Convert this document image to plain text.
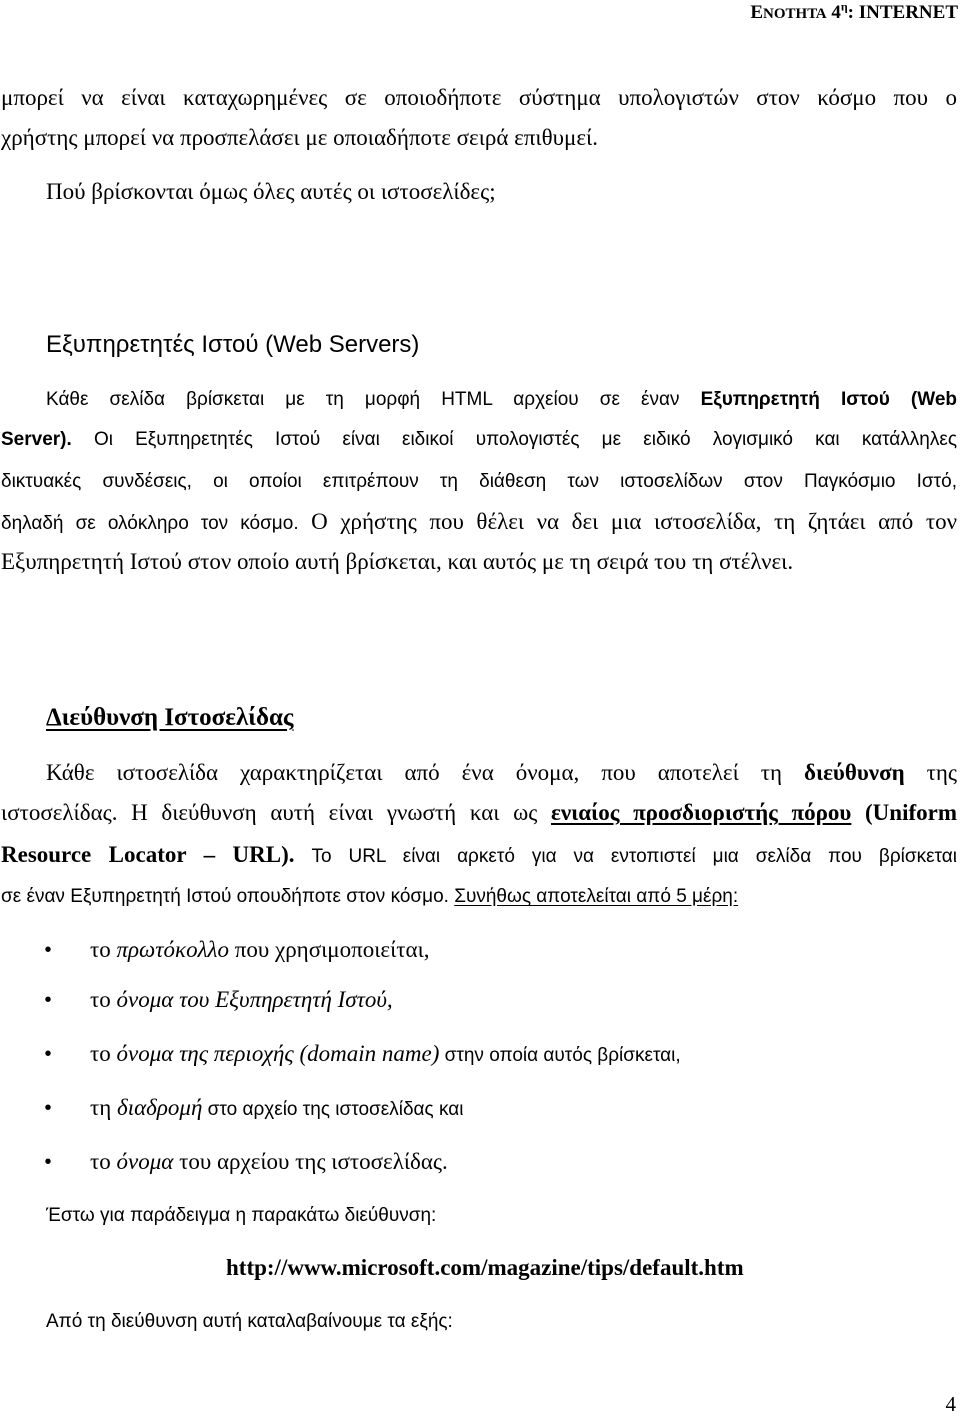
ΕΝΟΤΗΤΑ $4^\eta$: INTERNET
μπορεί να είναι καταχωρημένες σε οποιοδήποτε σύστημα υπολογιστών στον κόσμο που ο
χρήστης μπορεί να προσπελάσει με οποιαδήποτε σειρά επιθυμεί.
Πού βρίσκονται όμως όλες αυτές οι ιστοσελίδες;
Εξυπηρετητές Ιστού (Web Servers)
Κάθε σελίδα βρίσκεται με τη μορφή HTML αρχείου σε έναν Εξυπηρετητή Ιστού (Web
Server). Οι Εξυπηρετητές Ιστού είναι ειδικοί υπολογιστές με ειδικό λογισμικό και κατάλληλες
δικτυακές συνδέσεις, οι οποίοι επιτρέπουν τη διάθεση των ιστοσελίδων στον Παγκόσμιο Ιστό,
δηλαδή σε ολόκληρο τον κόσμο. Ο χρήστης που θέλει να δει μια ιστοσελίδα, τη ζητάει από τον
Εξυπηρετητή Ιστού στον οποίο αυτή βρίσκεται, και αυτός με τη σειρά του τη στέλνει.
Διεύθυνση Ιστοσελίδας
Κάθε ιστοσελίδα χαρακτηρίζεται από ένα όνομα, που αποτελεί τη διεύθυνση της
ιστοσελίδας. Η διεύθυνση αυτή είναι γνωστή και ως ενιαίος προσδιοριστής πόρου (Uniform
Resource Locator – URL). Το URL είναι αρκετό για να εντοπιστεί μια σελίδα που βρίσκεται
σε έναν Εξυπηρετητή Ιστού οπουδήποτε στον κόσμο. Συνήθως αποτελείται από 5 μέρη:
•
το πρωτόκολλο που χρησιμοποιείται,
•
το όνομα του Εξυπηρετητή Ιστού,
•
το όνομα της περιοχής (domain name) στην οποία αυτός βρίσκεται,
•
τη διαδρομή στο αρχείο της ιστοσελίδας και
•
το όνομα του αρχείου της ιστοσελίδας.
Έστω για παράδειγμα η παρακάτω διεύθυνση:
http://www.microsoft.com/magazine/tips/default.htm
Από τη διεύθυνση αυτή καταλαβαίνουμε τα εξής:
4
